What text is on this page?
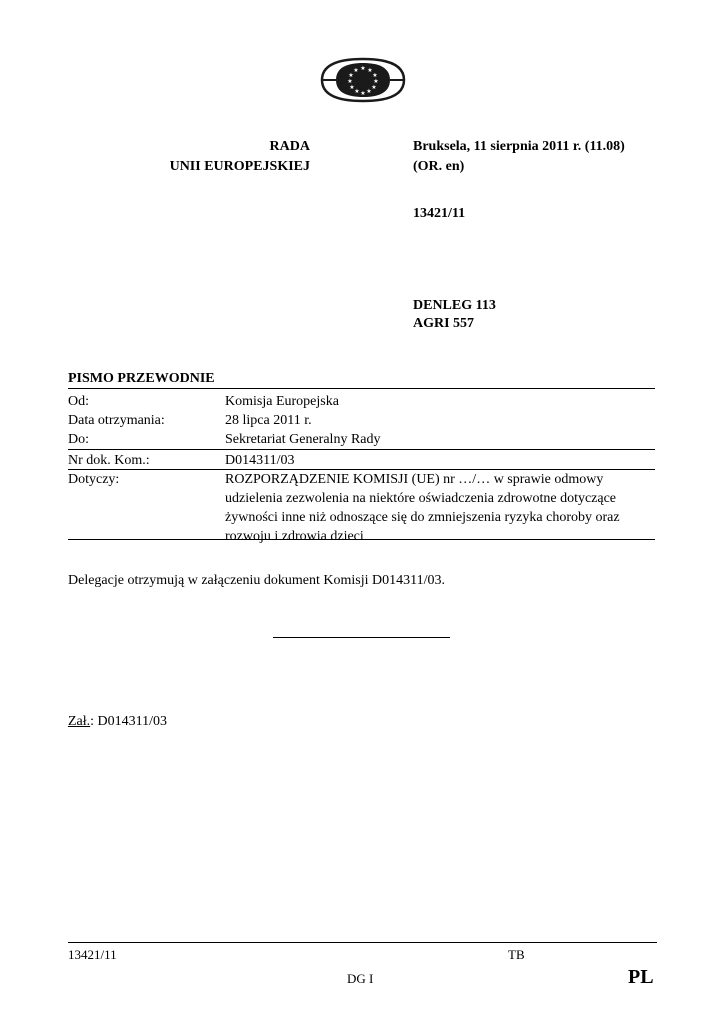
★ ★
★
★
★
★
★
★
★
★
★
★
RADA
UNII EUROPEJSKIEJ
Bruksela, 11 sierpnia 2011 r. (11.08)
(OR. en)
13421/11
DENLEG 113
AGRI 557
PISMO PRZEWODNIE
Od:	Komisja Europejska
Data otrzymania:	28 lipca 2011 r.
Do:	Sekretariat Generalny Rady
Nr dok. Kom.:	D014311/03
Dotyczy:	ROZPORZĄDZENIE KOMISJI (UE) nr …/… w sprawie odmowy
udzielenia zezwolenia na niektóre oświadczenia zdrowotne dotyczące
żywności inne niż odnoszące się do zmniejszenia ryzyka choroby oraz
rozwoju i zdrowia dzieci
Delegacje otrzymują w załączeniu dokument Komisji D014311/03.
Zał.: D014311/03
13421/11	TB
DG I	PL
